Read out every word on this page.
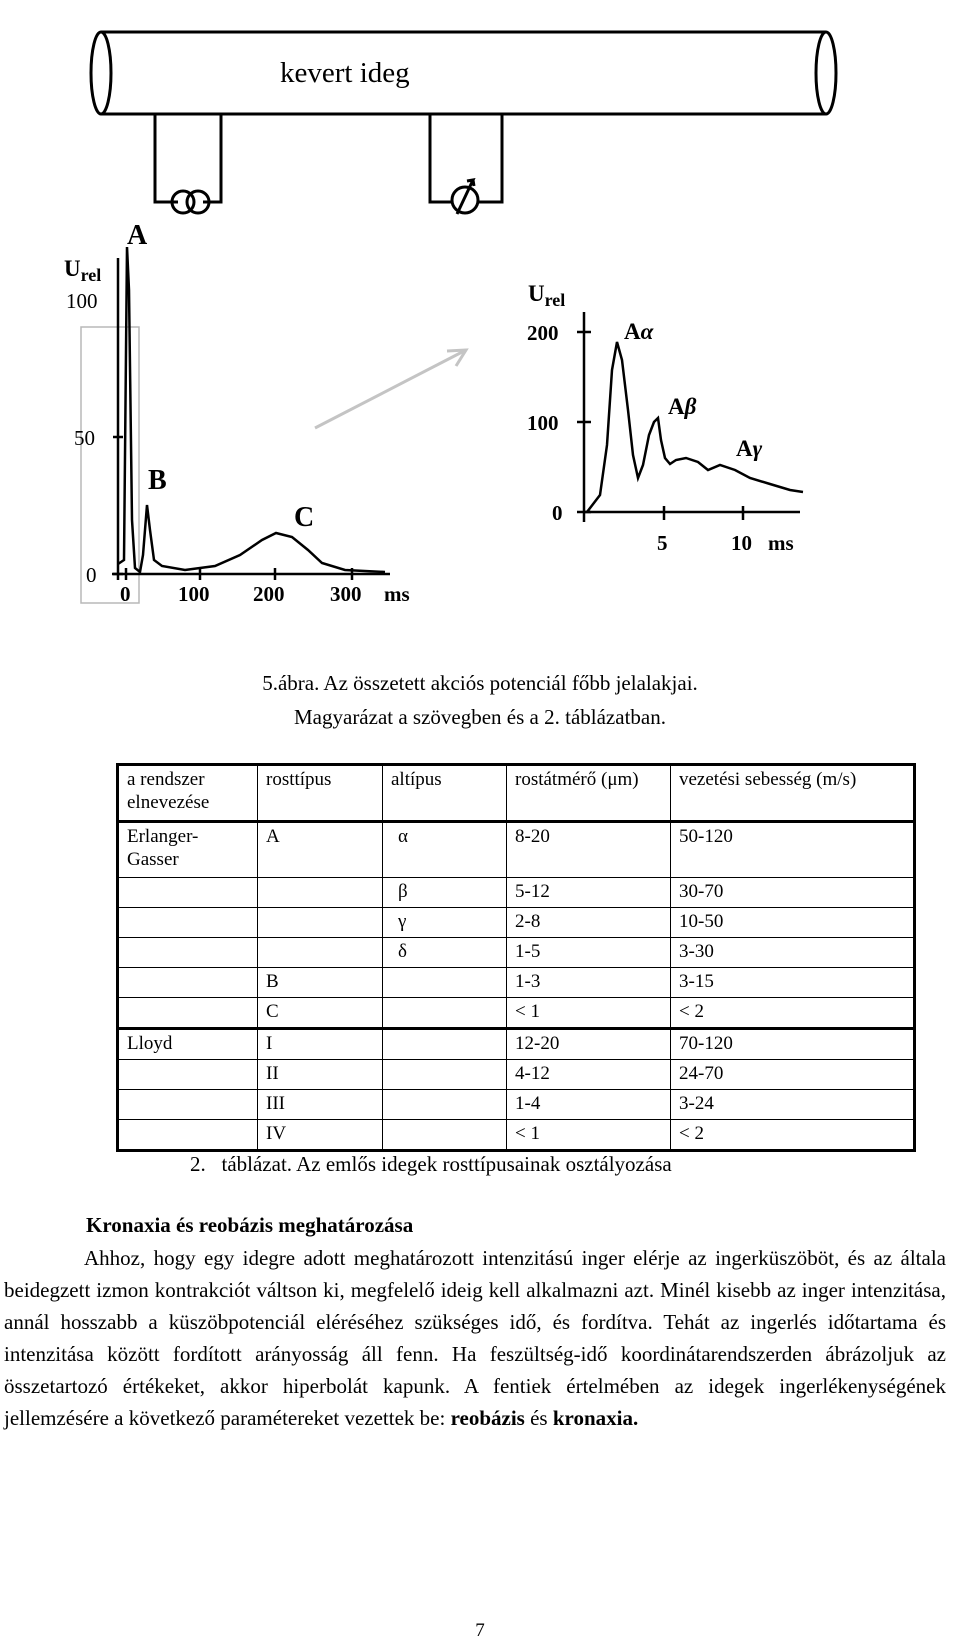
kevert ideg
$U_{rel}$
100
50
0
A
B
C
0 100 200 300 ms
$U_{rel}$
200
100
0
Aα
Aβ
Aγ
5	10 ms
5.ábra. Az összetett akciós potenciál főbb jelalakjai.
Magyarázat a szövegben és a 2. táblázatban.
a rendszer elnevezése	rosttípus	altípus	rostátmérő (μm)	vezetési sebesség (m/s)
Erlanger-Gasser	A	α	8-20	50-120
		β	5-12	30-70
		γ	2-8	10-50
		δ	1-5	3-30
	B		1-3	3-15
	C		< 1	< 2
Lloyd	I		12-20	70-120
	II		4-12	24-70
	III		1-4	3-24
	IV		< 1	< 2
2.   táblázat. Az emlős idegek rosttípusainak osztályozása
Kronaxia és reobázis meghatározása
Ahhoz, hogy egy idegre adott meghatározott intenzitású inger elérje az ingerküszöböt, és az általa beidegzett izmon kontrakciót váltson ki, megfelelő ideig kell alkalmazni azt. Minél kisebb az inger intenzitása, annál hosszabb a küszöbpotenciál eléréséhez szükséges idő, és fordítva. Tehát az ingerlés időtartama és intenzitása között fordított arányosság áll fenn. Ha feszültség-idő koordinátarendszerden ábrázoljuk az összetartozó értékeket, akkor hiperbolát kapunk. A fentiek értelmében az idegek ingerlékenységének jellemzésére a következő paramétereket vezettek be: reobázis és kronaxia.
7
